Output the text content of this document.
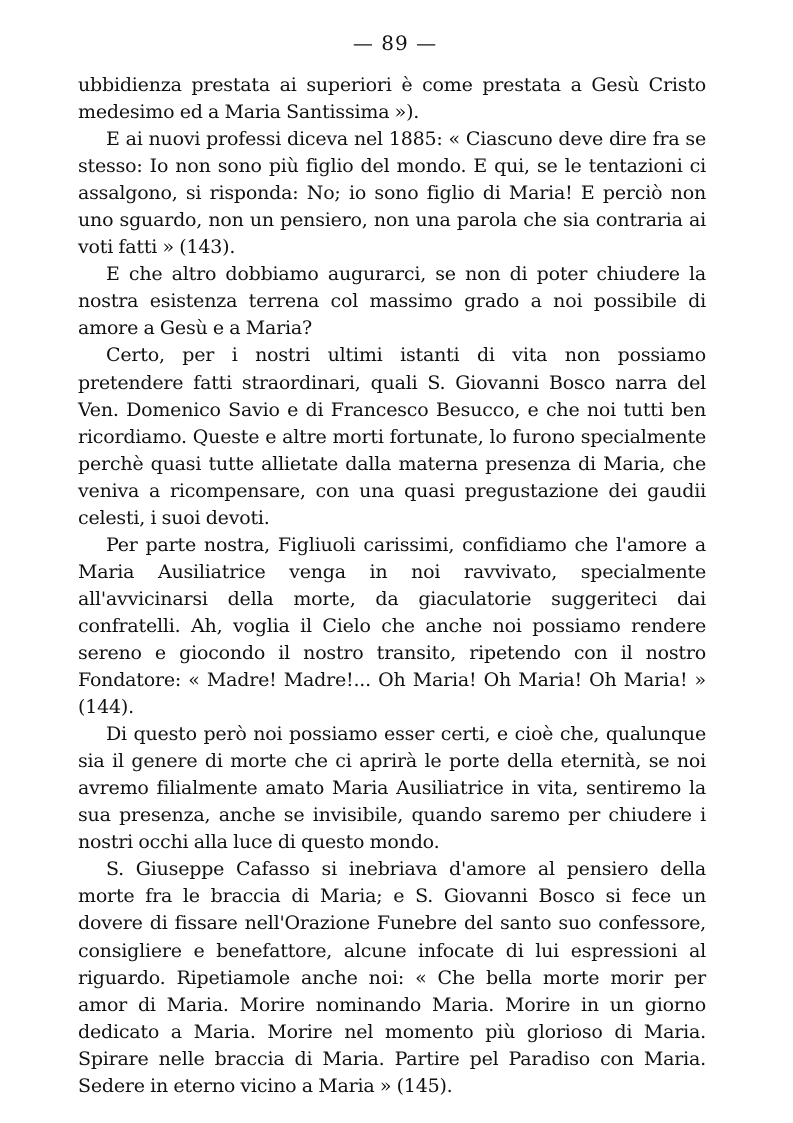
— 89 —

ubbidienza prestata ai superiori è come prestata a Gesù Cristo medesimo ed a Maria Santissima »).

E ai nuovi professi diceva nel 1885: « Ciascuno deve dire fra se stesso: Io non sono più figlio del mondo. E qui, se le tentazioni ci assalgono, si risponda: No; io sono figlio di Maria! E perciò non uno sguardo, non un pensiero, non una parola che sia contraria ai voti fatti » (143).

E che altro dobbiamo augurarci, se non di poter chiudere la nostra esistenza terrena col massimo grado a noi possibile di amore a Gesù e a Maria?

Certo, per i nostri ultimi istanti di vita non possiamo pretendere fatti straordinari, quali S. Giovanni Bosco narra del Ven. Domenico Savio e di Francesco Besucco, e che noi tutti ben ricordiamo. Queste e altre morti fortunate, lo furono specialmente perchè quasi tutte allietate dalla materna presenza di Maria, che veniva a ricompensare, con una quasi pregustazione dei gaudii celesti, i suoi devoti.

Per parte nostra, Figliuoli carissimi, confidiamo che l'amore a Maria Ausiliatrice venga in noi ravvivato, specialmente all'avvicinarsi della morte, da giaculatorie suggeriteci dai confratelli. Ah, voglia il Cielo che anche noi possiamo rendere sereno e giocondo il nostro transito, ripetendo con il nostro Fondatore: « Madre! Madre!... Oh Maria! Oh Maria! Oh Maria! » (144).

Di questo però noi possiamo esser certi, e cioè che, qualunque sia il genere di morte che ci aprirà le porte della eternità, se noi avremo filialmente amato Maria Ausiliatrice in vita, sentiremo la sua presenza, anche se invisibile, quando saremo per chiudere i nostri occhi alla luce di questo mondo.

S. Giuseppe Cafasso si inebriava d'amore al pensiero della morte fra le braccia di Maria; e S. Giovanni Bosco si fece un dovere di fissare nell'Orazione Funebre del santo suo confessore, consigliere e benefattore, alcune infocate di lui espressioni al riguardo. Ripetiamole anche noi: « Che bella morte morir per amor di Maria. Morire nominando Maria. Morire in un giorno dedicato a Maria. Morire nel momento più glorioso di Maria. Spirare nelle braccia di Maria. Partire pel Paradiso con Maria. Sedere in eterno vicino a Maria » (145).
